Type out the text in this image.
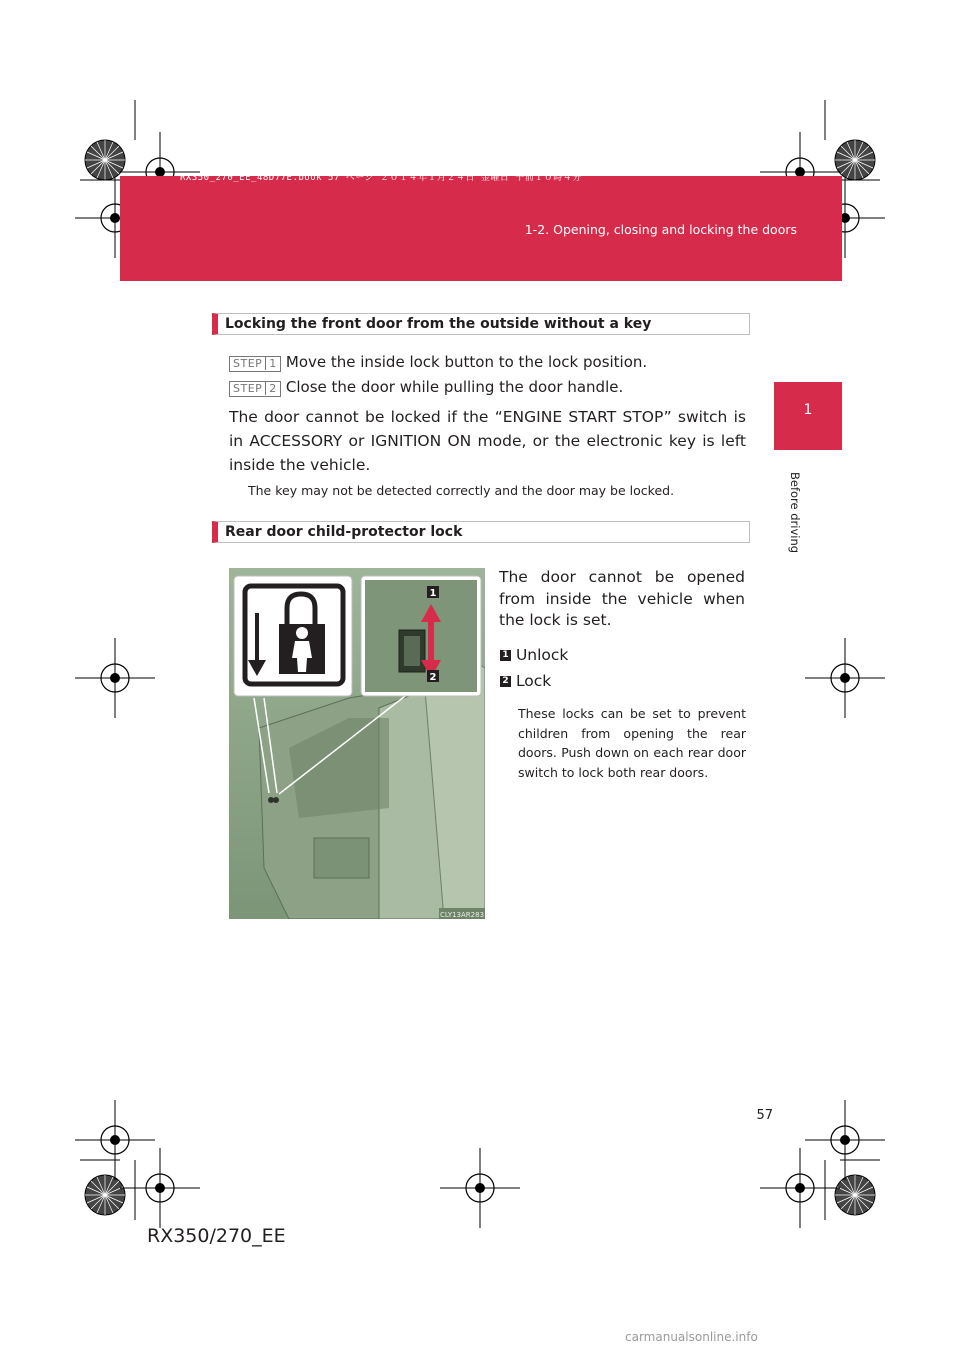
RX350_270_EE_48D77E.book 57 ページ ２０１４年１月２４日 金曜日 午前１０時４分
1-2. Opening, closing and locking the doors
1
Before driving
Locking the front door from the outside without a key
STEP 1 Move the inside lock button to the lock position.
STEP 2 Close the door while pulling the door handle.
The door cannot be locked if the “ENGINE START STOP” switch is in ACCESSORY or IGNITION ON mode, or the electronic key is left inside the vehicle.
The key may not be detected correctly and the door may be locked.
Rear door child-protector lock
1
2
CLY13AR283
The door cannot be opened from inside the vehicle when the lock is set.
1 Unlock
2 Lock
These locks can be set to prevent children from opening the rear doors. Push down on each rear door switch to lock both rear doors.
57
RX350/270_EE
carmanualsonline.info
